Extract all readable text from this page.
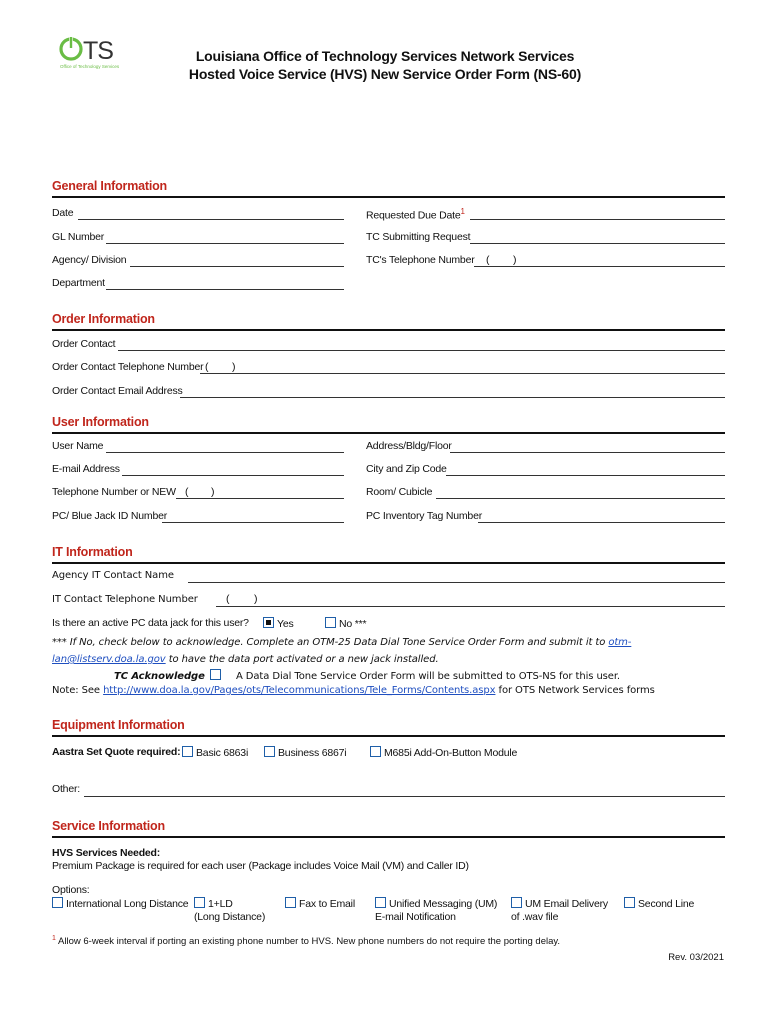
TS
Office of Technology Services
Louisiana Office of Technology Services Network Services
Hosted Voice Service (HVS) New Service Order Form (NS-60)
General Information
Date	Requested Due Date$^1$
GL Number	TC Submitting Request
Agency/ Division	TC's Telephone Number ( )
Department
Order Information
Order Contact
Order Contact Telephone Number ( )
Order Contact Email Address
User Information
User Name	Address/Bldg/Floor
E-mail Address	City and Zip Code
Telephone Number or NEW ( )	Room/ Cubicle
PC/ Blue Jack ID Number	PC Inventory Tag Number
IT Information
Agency IT Contact Name
IT Contact Telephone Number	( )
Is there an active PC data jack for this user?	Yes	No ***
*** If No, check below to acknowledge. Complete an OTM-25 Data Dial Tone Service Order Form and submit it to otm-
lan@listserv.doa.la.gov to have the data port activated or a new jack installed.
TC Acknowledge	A Data Dial Tone Service Order Form will be submitted to OTS-NS for this user.
Note: See http://www.doa.la.gov/Pages/ots/Telecommunications/Tele_Forms/Contents.aspx for OTS Network Services forms
Equipment Information
Aastra Set Quote required:	Basic 6863i	Business 6867i	M685i Add-On-Button Module
Other:
Service Information
HVS Services Needed:
Premium Package is required for each user (Package includes Voice Mail (VM) and Caller ID)
Options:
International Long Distance	1+LD
(Long Distance)
Fax to Email	Unified Messaging (UM)
E-mail Notification
UM Email Delivery
of .wav file
Second Line
$^1$ Allow 6-week interval if porting an existing phone number to HVS. New phone numbers do not require the porting delay.
Rev. 03/2021
